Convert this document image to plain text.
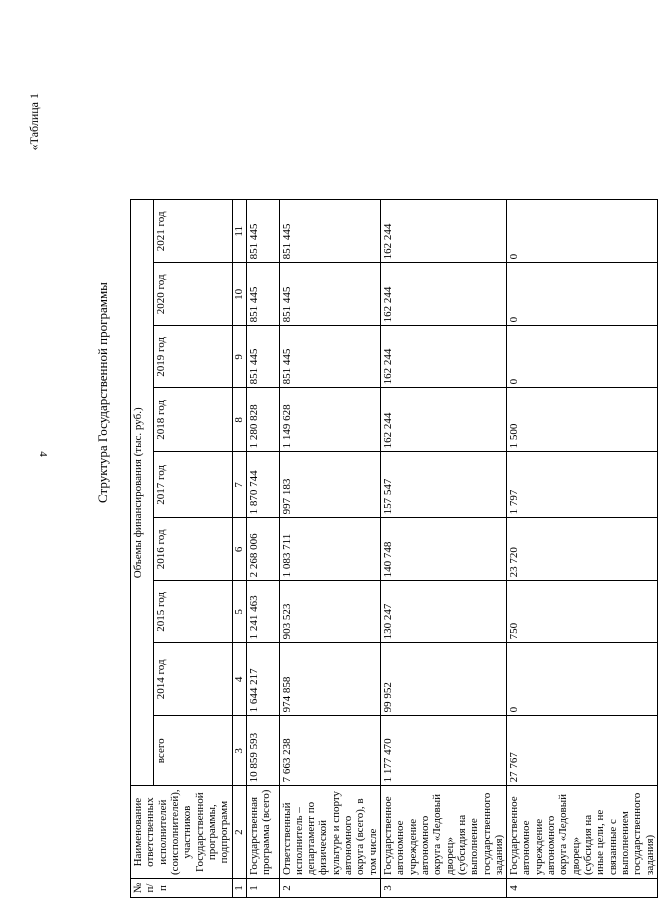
4
«Таблица 1
Структура Государственной программы
№ п/п	Наименование ответственных исполнителей (соисполнителей), участников Государственной программы, подпрограмм	Объемы финансирования (тыс. руб.)								
		всего	2014 год	2015 год	2016 год	2017 год	2018 год	2019 год	2020 год	2021 год
1	2	3	4	5	6	7	8	9	10	11
1	Государственная программа (всего)	10 859 593	1 644 217	1 241 463	2 268 006	1 870 744	1 280 828	851 445	851 445	851 445
2	Ответственный исполнитель – департамент по физической культуре и спорту автономного округа (всего), в том числе	7 663 238	974 858	903 523	1 083 711	997 183	1 149 628	851 445	851 445	851 445
3	Государственное автономное учреждение автономного округа «Ледовый дворец» (субсидия на выполнение государственного задания)	1 177 470	99 952	130 247	140 748	157 547	162 244	162 244	162 244	162 244
4	Государственное автономное учреждение автономного округа «Ледовый дворец» (субсидия на иные цели, не связанные с выполнением государственного задания)	27 767	0	750	23 720	1 797	1 500	0	0	0
